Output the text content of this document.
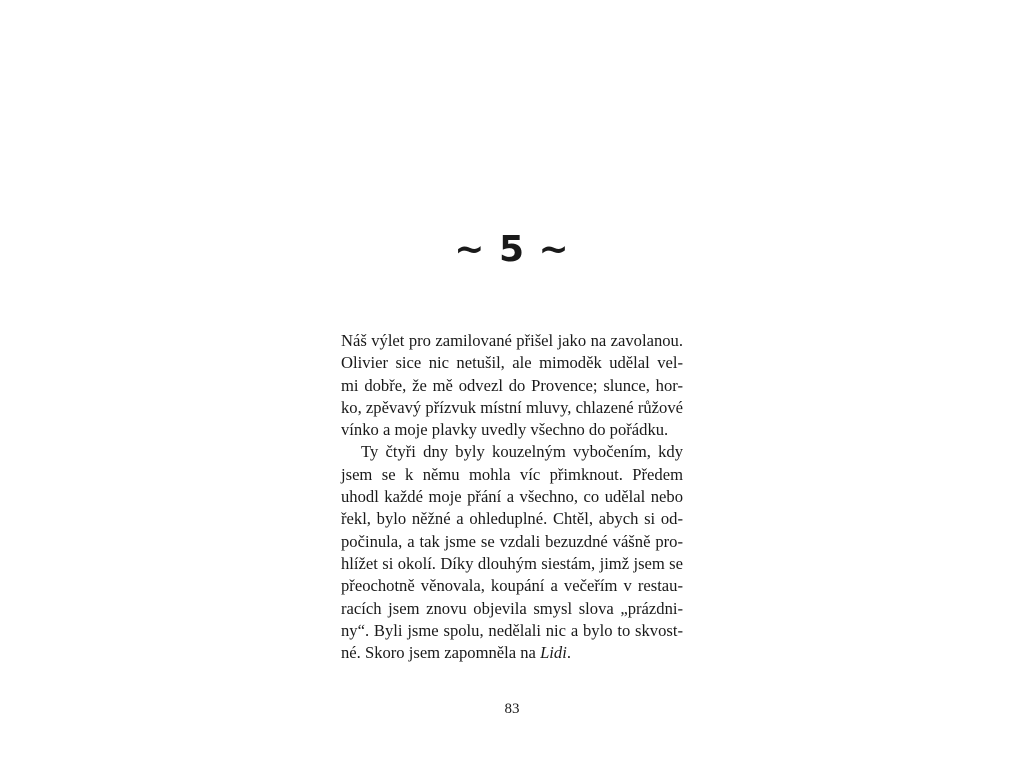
~ 5 ~
Náš výlet pro zamilované přišel jako na zavolanou.
Olivier sice nic netušil, ale mimoděk udělal vel-
mi dobře, že mě odvezl do Provence; slunce, hor-
ko, zpěvavý přízvuk místní mluvy, chlazené růžové
vínko a moje plavky uvedly všechno do pořádku.
Ty čtyři dny byly kouzelným vybočením, kdy
jsem se k němu mohla víc přimknout. Předem
uhodl každé moje přání a všechno, co udělal nebo
řekl, bylo něžné a ohleduplné. Chtěl, abych si od-
počinula, a tak jsme se vzdali bezuzdné vášně pro-
hlížet si okolí. Díky dlouhým siestám, jimž jsem se
přeochotně věnovala, koupání a večeřím v restau-
racích jsem znovu objevila smysl slova „prázdni-
ny“. Byli jsme spolu, nedělali nic a bylo to skvost-
né. Skoro jsem zapomněla na Lidi.
83
